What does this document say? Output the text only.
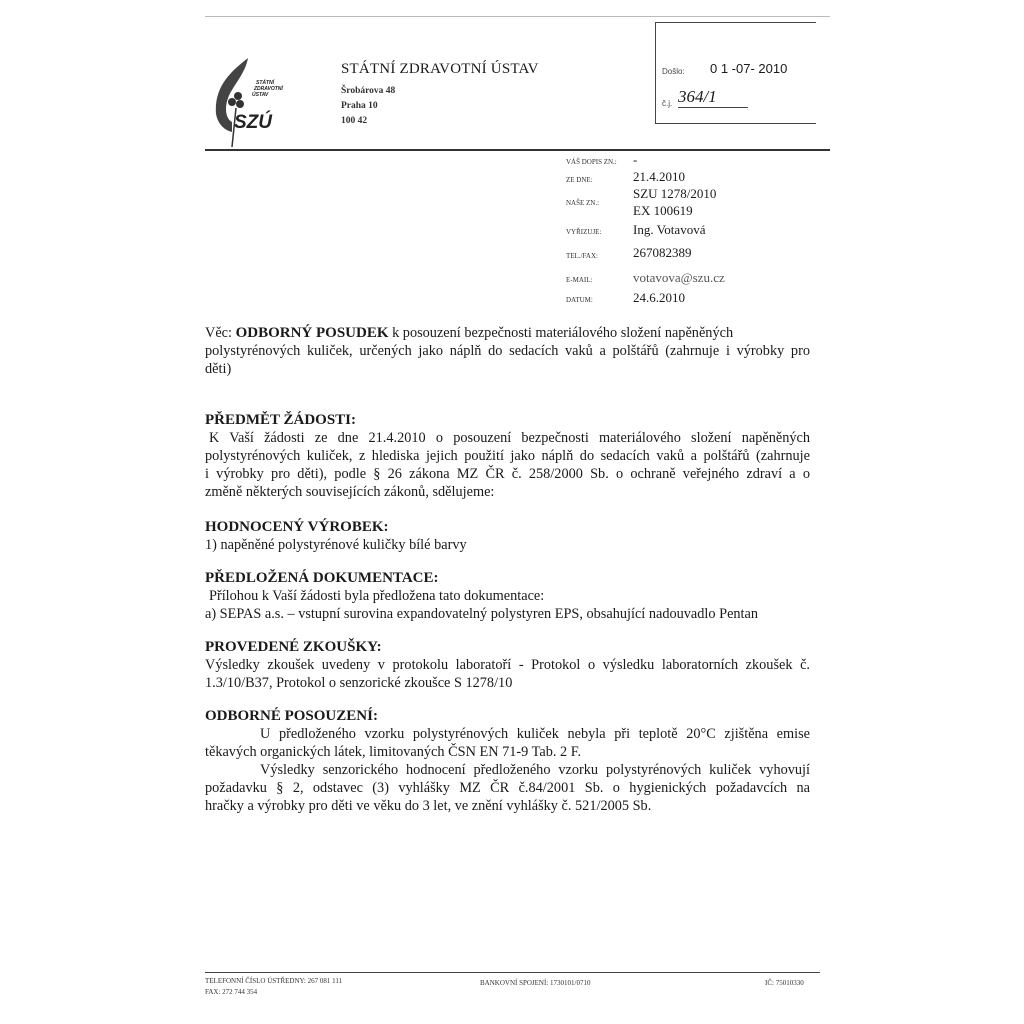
SZÚ
STÁTNÍ
ZDRAVOTNÍ
ÚSTAV
STÁTNÍ ZDRAVOTNÍ ÚSTAV
Šrobárova 48
Praha 10
100 42
Došlo: 0 1 -07- 2010
č.j. 364/1
VÁŠ DOPIS ZN.: -
ZE DNE:	21.4.2010
NAŠE ZN.:
SZU 1278/2010
EX 100619
VYŘIZUJE: Ing. Votavová
TEL./FAX:	267082389
E-MAIL:	votavova@szu.cz
DATUM:	24.6.2010
Věc: ODBORNÝ POSUDEK k posouzení bezpečnosti materiálového složení napěněných
polystyrénových kuliček, určených jako náplň do sedacích vaků a polštářů (zahrnuje i výrobky pro
děti)
PŘEDMĚT ŽÁDOSTI:
K Vaší žádosti ze dne 21.4.2010 o posouzení bezpečnosti materiálového složení napěněných
polystyrénových kuliček, z hlediska jejich použití jako náplň do sedacích vaků a polštářů (zahrnuje
i výrobky pro děti), podle § 26 zákona MZ ČR č. 258/2000 Sb. o ochraně veřejného zdraví a o
změně některých souvisejících zákonů, sdělujeme:
HODNOCENÝ VÝROBEK:
1) napěněné polystyrénové kuličky bílé barvy
PŘEDLOŽENÁ DOKUMENTACE:
Přílohou k Vaší žádosti byla předložena tato dokumentace:
a) SEPAS a.s. – vstupní surovina expandovatelný polystyren EPS, obsahující nadouvadlo Pentan
PROVEDENÉ ZKOUŠKY:
Výsledky zkoušek uvedeny v protokolu laboratoří - Protokol o výsledku laboratorních zkoušek č.
1.3/10/B37, Protokol o senzorické zkoušce S 1278/10
ODBORNÉ POSOUZENÍ:
U předloženého vzorku polystyrénových kuliček nebyla při teplotě 20°C zjištěna emise
těkavých organických látek, limitovaných ČSN EN 71-9 Tab. 2 F.
Výsledky senzorického hodnocení předloženého vzorku polystyrénových kuliček vyhovují
požadavku § 2, odstavec (3) vyhlášky MZ ČR č.84/2001 Sb. o hygienických požadavcích na
hračky a výrobky pro děti ve věku do 3 let, ve znění vyhlášky č. 521/2005 Sb.
TELEFONNÍ ČÍSLO ÚSTŘEDNY: 267 081 111
FAX: 272 744 354
BANKOVNÍ SPOJENÍ: 1730101/0710	IČ: 75010330
